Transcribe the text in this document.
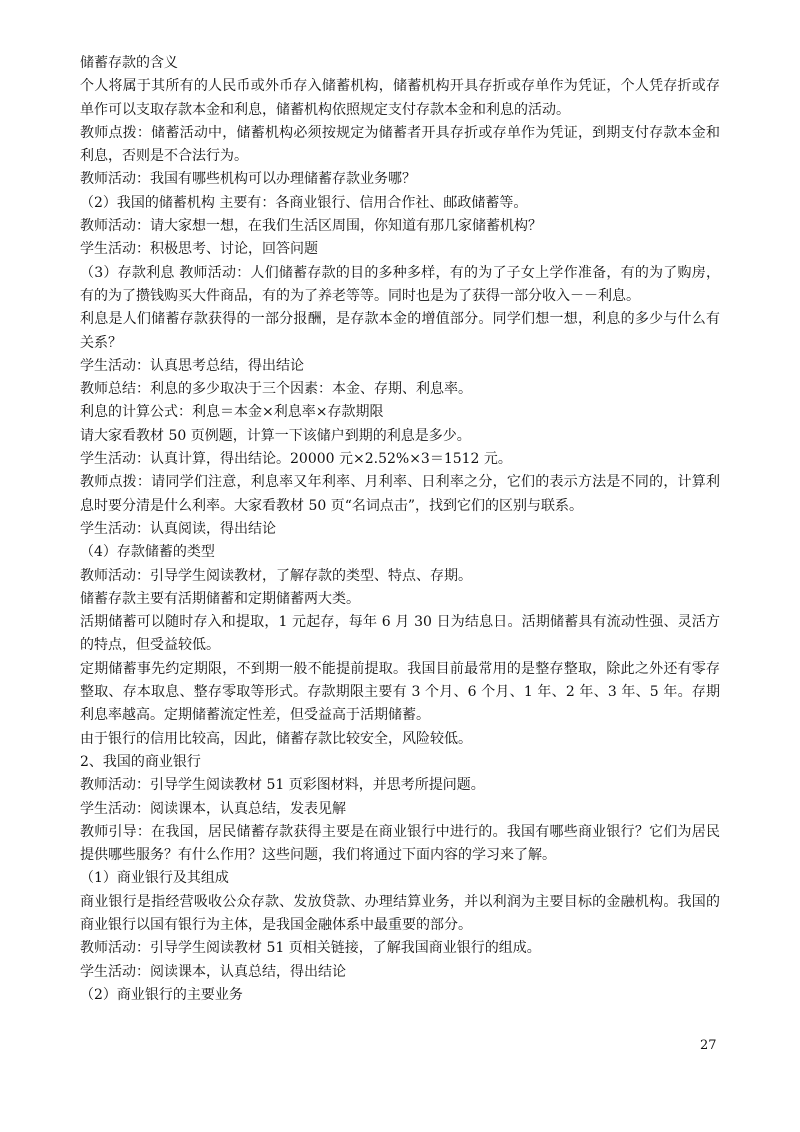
储蓄存款的含义
个人将属于其所有的人民币或外币存入储蓄机构，储蓄机构开具存折或存单作为凭证，个人凭存折或存
单作可以支取存款本金和利息，储蓄机构依照规定支付存款本金和利息的活动。
教师点拨：储蓄活动中，储蓄机构必须按规定为储蓄者开具存折或存单作为凭证，到期支付存款本金和
利息，否则是不合法行为。
教师活动：我国有哪些机构可以办理储蓄存款业务哪？
（2）我国的储蓄机构 主要有：各商业银行、信用合作社、邮政储蓄等。
教师活动：请大家想一想，在我们生活区周围，你知道有那几家储蓄机构？
学生活动：积极思考、讨论，回答问题
（3）存款利息 教师活动：人们储蓄存款的目的多种多样，有的为了子女上学作准备，有的为了购房，
有的为了攒钱购买大件商品，有的为了养老等等。同时也是为了获得一部分收入－－利息。
利息是人们储蓄存款获得的一部分报酬，是存款本金的增值部分。同学们想一想，利息的多少与什么有
关系？
学生活动：认真思考总结，得出结论
教师总结：利息的多少取决于三个因素：本金、存期、利息率。
利息的计算公式：利息＝本金×利息率×存款期限
请大家看教材 50 页例题，计算一下该储户到期的利息是多少。
学生活动：认真计算，得出结论。20000 元×2.52%×3＝1512 元。
教师点拨：请同学们注意，利息率又年利率、月利率、日利率之分，它们的表示方法是不同的，计算利
息时要分清是什么利率。大家看教材 50 页“名词点击”，找到它们的区别与联系。
学生活动：认真阅读，得出结论
（4）存款储蓄的类型
教师活动：引导学生阅读教材，了解存款的类型、特点、存期。
储蓄存款主要有活期储蓄和定期储蓄两大类。
活期储蓄可以随时存入和提取，1 元起存，每年 6 月 30 日为结息日。活期储蓄具有流动性强、灵活方
的特点，但受益较低。
定期储蓄事先约定期限，不到期一般不能提前提取。我国目前最常用的是整存整取，除此之外还有零存
整取、存本取息、整存零取等形式。存款期限主要有 3 个月、6 个月、1 年、2 年、3 年、5 年。存期
利息率越高。定期储蓄流定性差，但受益高于活期储蓄。
由于银行的信用比较高，因此，储蓄存款比较安全，风险较低。
2、我国的商业银行
教师活动：引导学生阅读教材 51 页彩图材料，并思考所提问题。
学生活动：阅读课本，认真总结，发表见解
教师引导：在我国，居民储蓄存款获得主要是在商业银行中进行的。我国有哪些商业银行？它们为居民
提供哪些服务？有什么作用？这些问题，我们将通过下面内容的学习来了解。
（1）商业银行及其组成
商业银行是指经营吸收公众存款、发放贷款、办理结算业务，并以利润为主要目标的金融机构。我国的
商业银行以国有银行为主体，是我国金融体系中最重要的部分。
教师活动：引导学生阅读教材 51 页相关链接，了解我国商业银行的组成。
学生活动：阅读课本，认真总结，得出结论
（2）商业银行的主要业务
27
